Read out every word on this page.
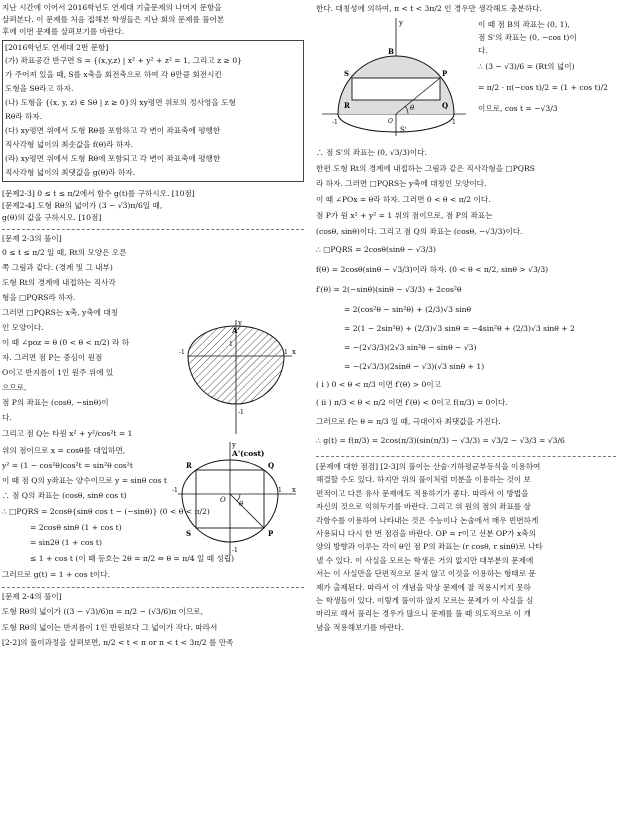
지난 시간에 이어서 2016학년도 연세대 기출문제의 나머지 문항을

살펴본다. 이 문제를 처음 접해본 학생들은 지난 회의 문제를 풀어본

후에 이번 문제를 살펴보기를 바란다.

[2016학년도 연세대 2번 문항]

(가) 좌표공간 반구면 S = {(x,y,z) | x² + y² + z² = 1, 그리고 z ≥ 0}

가 주어져 있을 때, S를 x축을 회전축으로 하여 각 θ만큼 회전시킨

도형을 Sθ라고 하자.

(나) 도형을 {(x, y, z) ∈ Sθ | z ≥ 0}의 xy평면 위로의 정사영을 도형

Rθ라 하자.

(다) xy평면 위에서 도형 Rθ를 포함하고 각 변이 좌표축에 평행한

직사각형 넓이의 최솟값을 f(θ)라 하자.

(라) xy평면 위에서 도형 Rθ에 포함되고 각 변이 좌표축에 평행한

직사각형 넓이의 최댓값을 g(θ)라 하자.

[문제2-3] 0 ≤ t ≤ π/2에서 함수 g(t)를 구하시오. [10점]

[문제2-4] 도형 Rθ의 넓이가 (3 − √3)π/6일 때,

g(θ)의 값을 구하시오. [10점]

[문제 2-3의 풀이]

y
x
A'
-1	1
1
-1

0 ≤ t ≤ π/2 일 때, Rt의 모양은 오른

쪽 그림과 같다. (경계 및 그 내부)

도형 Rt의 경계에 내접하는 직사각

형을 □PQRS라 하자.

그러면 □PQRS는 x축, y축에 대칭

인 모양이다.

y
x
A'(cost)
P
Q
R
S
O θ
-1	1
-1

이 때 ∠poz = θ (0 < θ < π/2) 라 하

자. 그러면 점 P는 중심이 원점

O이고 반지름이 1인 원주 위에 있

으므로,

점 P의 좌표는 (cosθ, −sinθ)이

다.

그리고 점 Q는 타원 x² + y²/cos²t = 1

위의 점이므로 x = cosθ를 대입하면,

y² = (1 − cos²θ)cos²t = sin²θ cos²t

이 때 점 Q의 y좌표는 양수이므로 y = sinθ cos t

∴ 점 Q의 좌표는 (cosθ, sinθ cos t)

∴ □PQRS = 2cosθ{sinθ cos t − (−sinθ)} (0 < θ < π/2)

= 2cosθ sinθ (1 + cos t)

= sin2θ (1 + cos t)

≤ 1 + cos t (이 때 등호는 2θ = π/2 ⇔ θ = π/4 일 때 성립)

그러므로 g(t) = 1 + cos t이다.

[문제 2-4의 풀이]

도형 Rθ의 넓이가 ((3 − √3)/6)π = π/2 − (√3/6)π 이므로,

도형 Rθ의 넓이는 반지름이 1인 반원보다 그 넓이가 작다. 따라서

[2-2]의 풀이과정을 살펴보면, π/2 < t < π or π < t < 3π/2 를 만족

한다. 대칭성에 의하여, π < t < 3π/2 인 경우만 생각해도 충분하다.

y
B
S	P
R	Q
S'
O
θ
-1	1

이 때 점 B의 좌표는 (0, 1),

점 S'의 좌표는 (0, −cos t)이

다.

∴ (3 − √3)/6 = (Rt의 넓이)

= π/2 · π(−cos t)/2 = (1 + cos t)/2

이므로, cos t = −√3/3

∴ 점 S'의 좌표는 (0, √3/3)이다.

한편 도형 Rt의 경계에 내접하는 그림과 같은 직사각형을 □PQRS

라 하자. 그러면 □PQRS는 y축에 대칭인 모양이다.

이 때 ∠POx = θ라 하자. 그러면 0 < θ < π/2 이다.

점 P가 원 x² + y² = 1 위의 점이므로, 점 P의 좌표는

(cosθ, sinθ)이다. 그리고 점 Q의 좌표는 (cosθ, −√3/3)이다.

∴ □PQRS = 2cosθ(sinθ − √3/3)

f(θ) = 2cosθ(sinθ − √3/3)이라 하자. (0 < θ < π/2, sinθ > √3/3)

f′(θ) = 2(−sinθ)(sinθ − √3/3) + 2cos²θ

= 2(cos²θ − sin²θ) + (2/3)√3 sinθ

= 2(1 − 2sin²θ) + (2/3)√3 sinθ = −4sin²θ + (2/3)√3 sinθ + 2

= −(2√3/3)(2√3 sin²θ − sinθ − √3)

= −(2√3/3)(2sinθ − √3)(√3 sinθ + 1)

( i ) 0 < θ < π/3 이면 f′(θ) > 0이고

( ii ) π/3 < θ < π/2 이면 f′(θ) < 0이고 f(π/3) = 0이다.

그러므로 f는 θ = π/3 일 때, 극대이자 최댓값을 가진다.

∴ g(t) = f(π/3) = 2cos(π/3)(sin(π/3) − √3/3) = √3/2 − √3/3 = √3/6

[문제에 대한 점검] [2-3]의 풀이는 산술·기하평균부등식을 이용하여

해결할 수도 있다. 하지만 위의 풀이처럼 미분을 이용하는 것이 보

편적이고 다른 유사 문제에도 적용하기가 좋다. 따라서 이 방법을

자신의 것으로 익혀두기를 바란다. 그리고 위 원의 점의 좌표를 삼

각함수를 이용하여 나타내는 것은 수능이나 논술에서 매우 빈번하게

사용되니 다시 한 번 점검을 바란다. OP = r이고 선분 OP가 x축의

양의 방향과 이루는 각이 θ인 점 P의 좌표는 (r cosθ, r sinθ)로 나타

낼 수 있다. 이 사실을 모르는 학생은 거의 없지만 대부분의 문제에

서는 이 사실만을 단편적으로 묻지 않고 이것을 이용하는 형태로 문

제가 출제된다. 따라서 이 개념을 막상 문제에 잘 적용시키지 못하

는 학생들이 있다. 이렇게 풀이하 않지 모르는 문제가 이 사실을 심

마리로 해서 풀리는 경우가 많으니 문제를 풀 때 의도적으로 이 개

념을 적용해보기를 바란다.
